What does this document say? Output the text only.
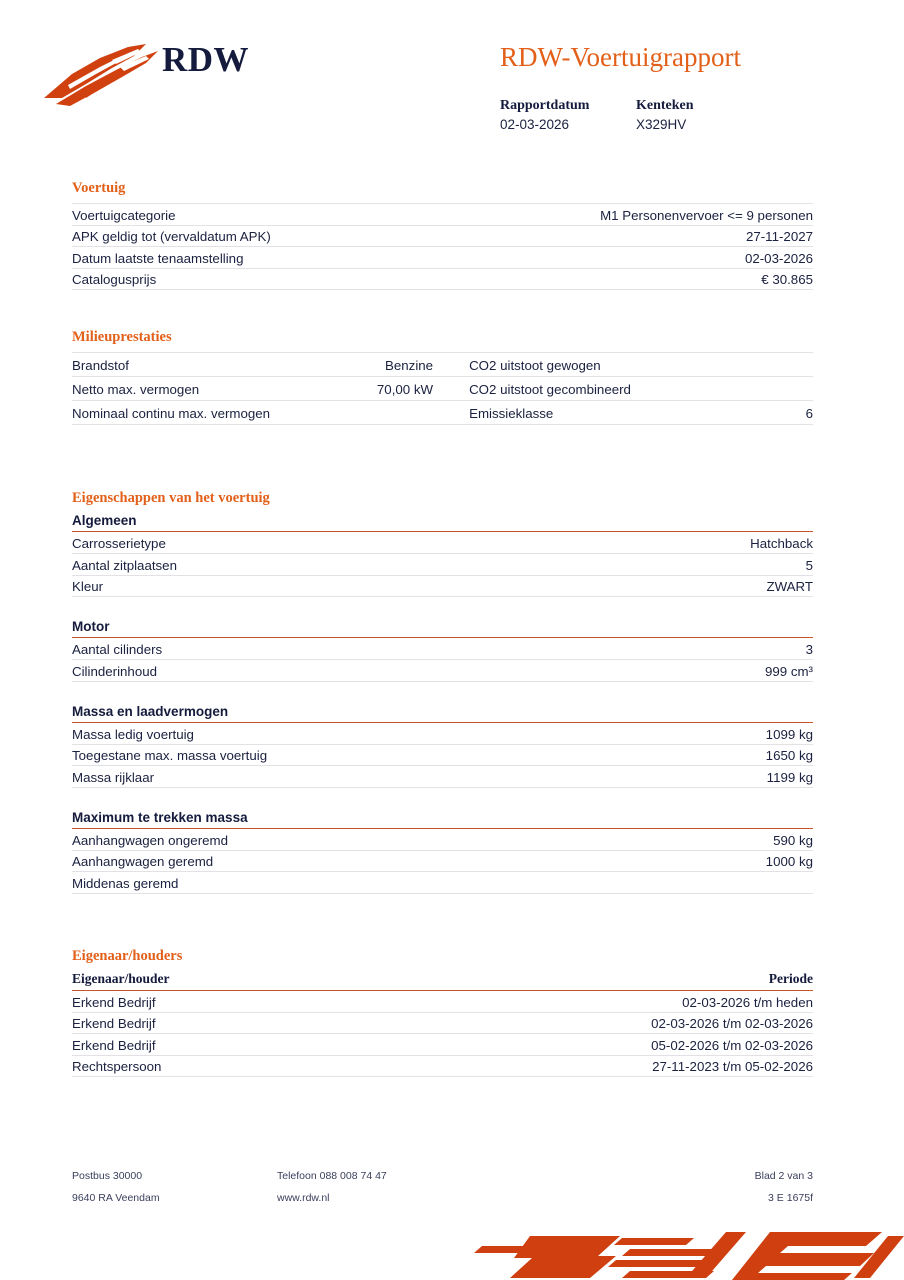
RDW	RDW-Voertuigrapport
Rapportdatum
02-03-2026
Kenteken
X329HV
Voertuig
Voertuigcategorie	M1 Personenvervoer <= 9 personen
APK geldig tot (vervaldatum APK)	27-11-2027
Datum laatste tenaamstelling	02-03-2026
Catalogusprijs	€ 30.865
Milieuprestaties
Brandstof	Benzine	CO2 uitstoot gewogen	
Netto max. vermogen	70,00 kW	CO2 uitstoot gecombineerd	
Nominaal continu max. vermogen		Emissieklasse	6
Eigenschappen van het voertuig
Algemeen
Carrosserietype	Hatchback
Aantal zitplaatsen	5
Kleur	ZWART
Motor
Aantal cilinders	3
Cilinderinhoud	999 cm³
Massa en laadvermogen
Massa ledig voertuig	1099 kg
Toegestane max. massa voertuig	1650 kg
Massa rijklaar	1199 kg
Maximum te trekken massa
Aanhangwagen ongeremd	590 kg
Aanhangwagen geremd	1000 kg
Middenas geremd	
Eigenaar/houders
Eigenaar/houder	Periode
Erkend Bedrijf	02-03-2026 t/m heden
Erkend Bedrijf	02-03-2026 t/m 02-03-2026
Erkend Bedrijf	05-02-2026 t/m 02-03-2026
Rechtspersoon	27-11-2023 t/m 05-02-2026
Postbus 30000	Telefoon 088 008 74 47	Blad 2 van 3
9640 RA Veendam	www.rdw.nl	3 E 1675f
